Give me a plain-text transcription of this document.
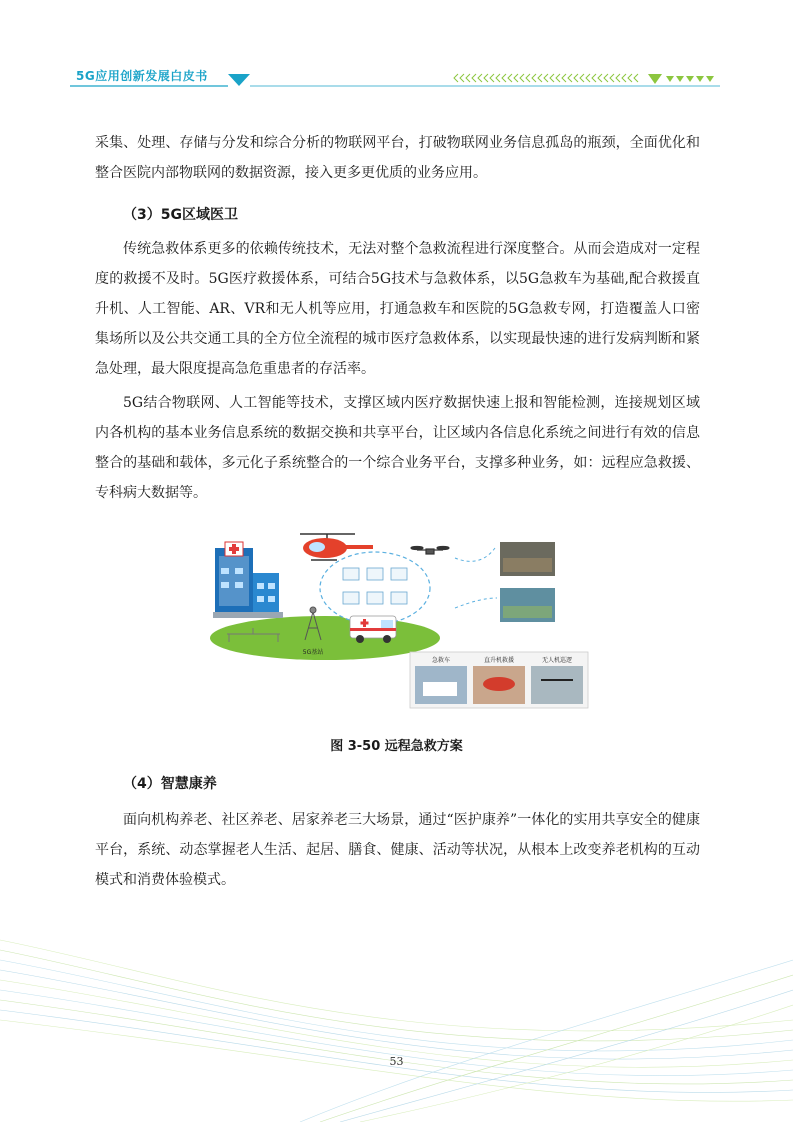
5G应用创新发展白皮书

采集、处理、存储与分发和综合分析的物联网平台，打破物联网业务信息孤岛的瓶颈，全面优化和整合医院内部物联网的数据资源，接入更多更优质的业务应用。

（3）5G区域医卫

传统急救体系更多的依赖传统技术，无法对整个急救流程进行深度整合。从而会造成对一定程度的救援不及时。5G医疗救援体系，可结合5G技术与急救体系，以5G急救车为基础,配合救援直升机、人工智能、AR、VR和无人机等应用，打通急救车和医院的5G急救专网，打造覆盖人口密集场所以及公共交通工具的全方位全流程的城市医疗急救体系，以实现最快速的进行发病判断和紧急处理，最大限度提高急危重患者的存活率。

5G结合物联网、人工智能等技术，支撑区域内医疗数据快速上报和智能检测，连接规划区域内各机构的基本业务信息系统的数据交换和共享平台，让区域内各信息化系统之间进行有效的信息整合的基础和载体，多元化子系统整合的一个综合业务平台，支撑多种业务，如：远程应急救援、专科病大数据等。

5G基站
急救车	直升机救援	无人机巡逻
图 3-50 远程急救方案
（4）智慧康养

面向机构养老、社区养老、居家养老三大场景，通过“医护康养”一体化的实用共享安全的健康平台，系统、动态掌握老人生活、起居、膳食、健康、活动等状况，从根本上改变养老机构的互动模式和消费体验模式。

53
